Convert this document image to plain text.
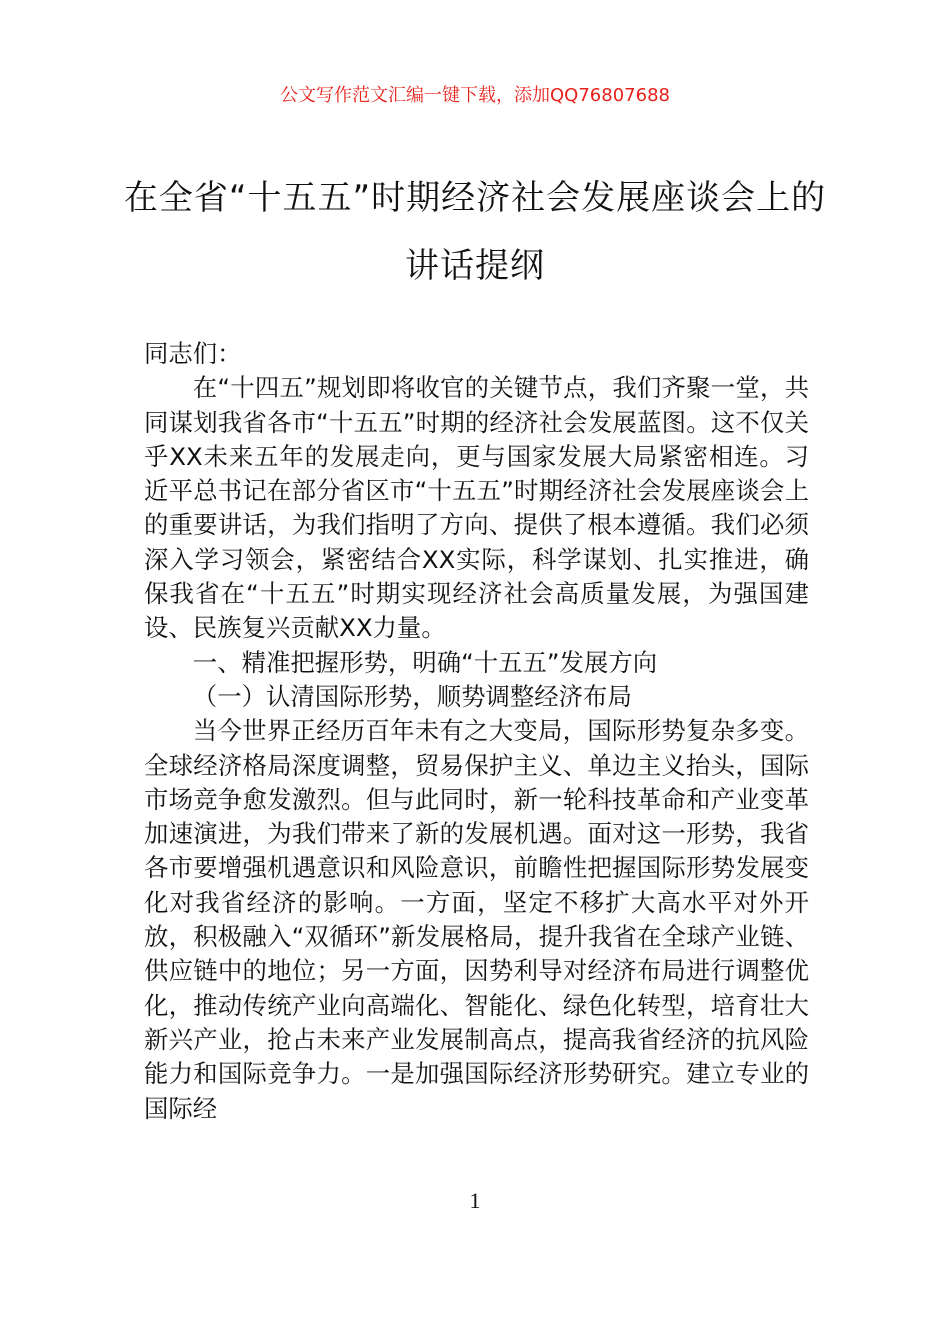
公文写作范文汇编一键下载，添加QQ76807688
在全省“十五五”时期经济社会发展座谈会上的讲话提纲

同志们：

在“十四五”规划即将收官的关键节点，我们齐聚一堂，共同谋划我省各市“十五五”时期的经济社会发展蓝图。这不仅关乎XX未来五年的发展走向，更与国家发展大局紧密相连。习近平总书记在部分省区市“十五五”时期经济社会发展座谈会上的重要讲话，为我们指明了方向、提供了根本遵循。我们必须深入学习领会，紧密结合XX实际，科学谋划、扎实推进，确保我省在“十五五”时期实现经济社会高质量发展，为强国建设、民族复兴贡献XX力量。

一、精准把握形势，明确“十五五”发展方向

（一）认清国际形势，顺势调整经济布局

当今世界正经历百年未有之大变局，国际形势复杂多变。全球经济格局深度调整，贸易保护主义、单边主义抬头，国际市场竞争愈发激烈。但与此同时，新一轮科技革命和产业变革加速演进，为我们带来了新的发展机遇。面对这一形势，我省各市要增强机遇意识和风险意识，前瞻性把握国际形势发展变化对我省经济的影响。一方面，坚定不移扩大高水平对外开放，积极融入“双循环”新发展格局，提升我省在全球产业链、供应链中的地位；另一方面，因势利导对经济布局进行调整优化，推动传统产业向高端化、智能化、绿色化转型，培育壮大新兴产业，抢占未来产业发展制高点，提高我省经济的抗风险能力和国际竞争力。一是加强国际经济形势研究。建立专业的国际经

1
